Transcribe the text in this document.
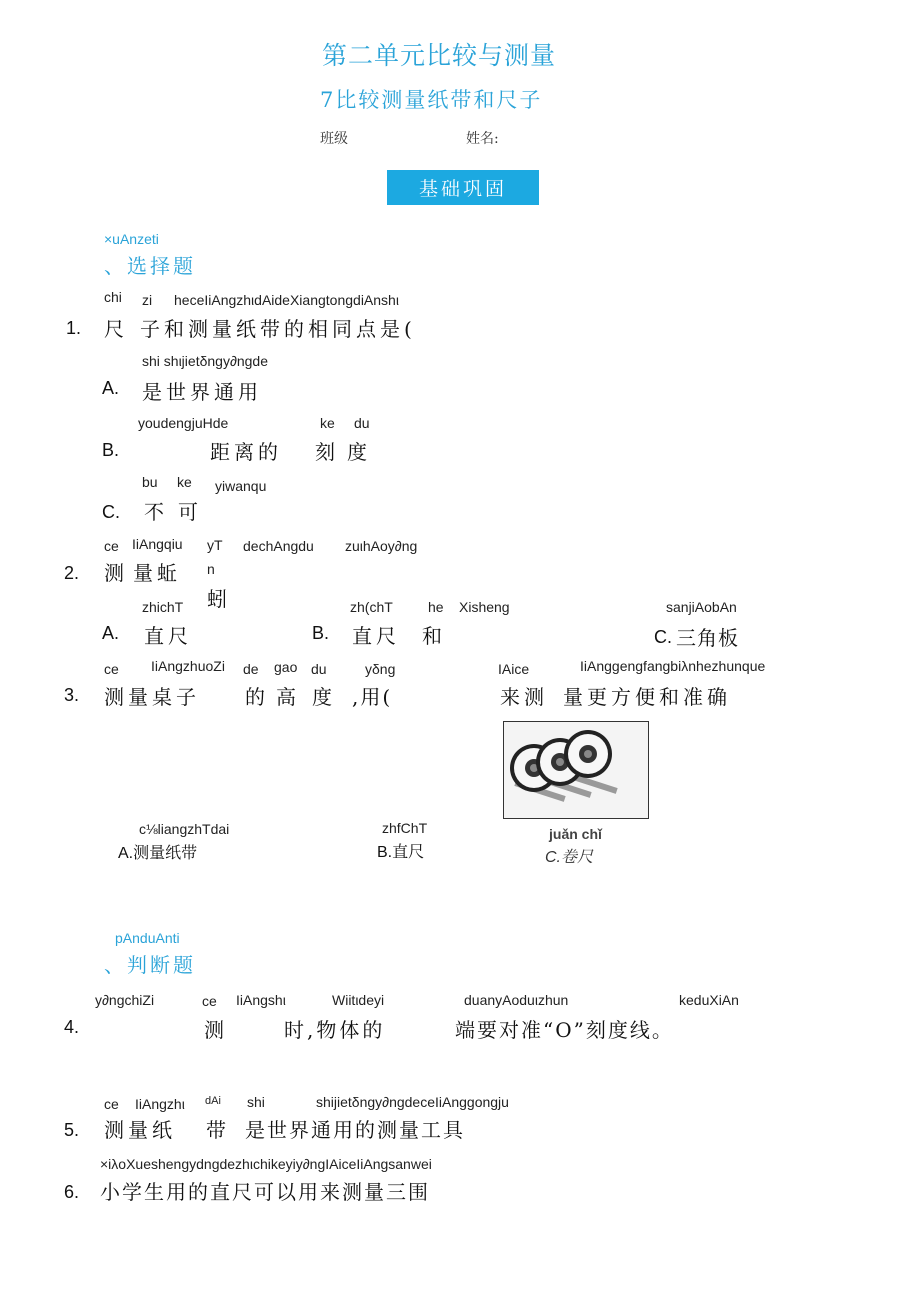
第二单元比较与测量
7比较测量纸带和尺子
班级	姓名:
基础巩固
×uAnzeti
、选择题
chi zi heceIiAngzhιdAideXiangtongdiAnshι
1. 尺 子和测量纸带的相同点是(
shi shιjietδngy∂ngde
A. 是世界通用
youdengjuHde	ke du
B.	距离的 刻 度
bu ke yiwanqu
C. 不 可
ce IiAngqiu yT
n
dechAngdu zuιhAoy∂ng
2. 测 量蚯
蚓
zhichT
A. 直尺
zh(chT	he Xisheng
B. 直尺 和
sanjiAobAn
C. 三角板
ce IiAngzhuoZi de gao du	yδng	IAice	IiAnggengfangbiλnhezhunque
3. 测量桌子 的 高 度 ,用(	来测 量更方便和准确
c⅛liangzhTdai
A.测量纸带
zhfChT
B.直尺
juǎn chǐ
C.卷尺
pAnduAnti
、判断题
y∂ngchiZi	ce IiAngshι	Wiitιdeyi	duanyAoduιzhun	keduXiAn
4.	测	时,物体的	端要对准“O”刻度线。
ce IiAngzhι dAi shi	shijietδngy∂ngdeceIiAnggongju
5. 测量纸 带 是世界通用的测量工具
×iλoXueshengydngdezhιchikeyiy∂ngIAiceIiAngsanwei
6. 小学生用的直尺可以用来测量三围
